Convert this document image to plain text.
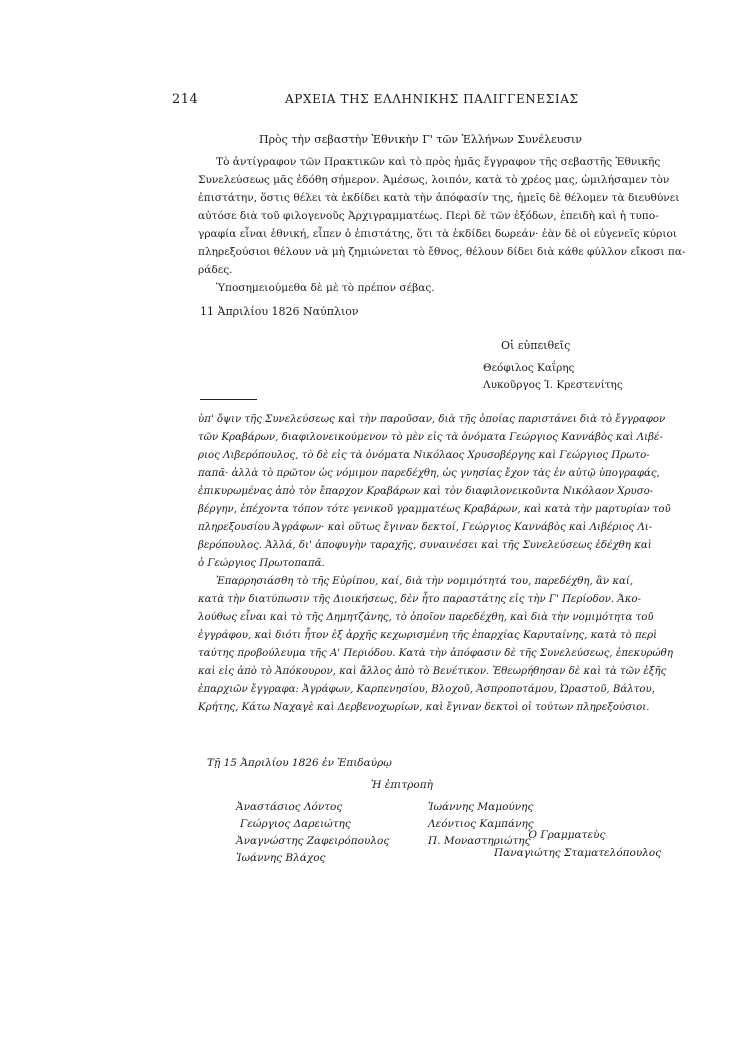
214	ΑΡΧΕΙΑ ΤΗΣ ΕΛΛΗΝΙΚΗΣ ΠΑΛΙΓΓΕΝΕΣΙΑΣ
Πρὸς τὴν σεβαστὴν Ἐθνικὴν Γ' τῶν Ἑλλήνων Συνέλευσιν
Τὸ ἀντίγραφον τῶν Πρακτικῶν καὶ τὸ πρὸς ἡμᾶς ἔγγραφον τῆς σεβαστῆς Ἐθνικῆς
Συνελεύσεως μᾶς ἐδόθη σήμερον. Ἀμέσως, λοιπόν, κατὰ τὸ χρέος μας, ὡμιλήσαμεν τὸν
ἐπιστάτην, ὅστις θέλει τὰ ἐκδίδει κατὰ τὴν ἀπόφασίν της, ἡμεῖς δὲ θέλομεν τὰ διευθύνει
αὐτόσε διὰ τοῦ φιλογενοῦς Ἀρχιγραμματέως. Περὶ δὲ τῶν ἐξόδων, ἐπειδὴ καὶ ἡ τυπο-
γραφία εἶναι ἐθνική, εἶπεν ὁ ἐπιστάτης, ὅτι τὰ ἐκδίδει δωρεάν· ἐὰν δὲ οἱ εὐγενεῖς κύριοι
πληρεξούσιοι θέλουν νὰ μὴ ζημιώνεται τὸ ἔθνος, θέλουν δίδει διὰ κάθε φύλλον εἴκοσι πα-
ράδες.
Ὑποσημειούμεθα δὲ μὲ τὸ πρέπον σέβας.
11 Ἀπριλίου 1826 Ναύπλιον
Οἱ εὐπειθεῖς
Θεόφιλος Καΐρης
Λυκοῦργος Ἰ. Κρεστενίτης
ὑπ' ὄψιν τῆς Συνελεύσεως καὶ τὴν παροῦσαν, διὰ τῆς ὁποίας παριστάνει διὰ τὸ ἔγγραφον
τῶν Κραβάρων, διαφιλονεικούμενον τὸ μὲν εἰς τὰ ὀνόματα Γεώργιος Καννάβὸς καὶ Λιβέ-
ριος Λιβερόπουλος, τὸ δὲ εἰς τὰ ὀνόματα Νικόλαος Χρυσοβέργης καὶ Γεώργιος Πρωτο-
παπᾶ· ἀλλὰ τὸ πρῶτον ὡς νόμιμον παρεδέχθη, ὡς γνησίας ἔχον τὰς ἐν αὐτῷ ὑπογραφάς,
ἐπικυρωμένας ἀπὸ τὸν ἔπαρχον Κραβάρων καὶ τὸν διαφιλονεικοῦντα Νικόλαον Χρυσο-
βέργην, ἐπέχοντα τόπον τότε γενικοῦ γραμματέως Κραβάρων, καὶ κατὰ τὴν μαρτυρίαν τοῦ
πληρεξουσίου Ἀγράφων· καὶ οὕτως ἔγιναν δεκτοί, Γεώργιος Καννάβὸς καὶ Λιβέριος Λι-
βερόπουλος. Ἀλλά, δι' ἀποφυγὴν ταραχῆς, συναινέσει καὶ τῆς Συνελεύσεως ἐδέχθη καὶ
ὁ Γεώργιος Πρωτοπαπᾶ.
Ἐπαρρησιάσθη τὸ τῆς Εὐρίπου, καί, διὰ τὴν νομιμότητά του, παρεδέχθη, ἂν καί,
κατὰ τὴν διατύπωσιν τῆς Διοικήσεως, δὲν ἦτο παραστάτης εἰς τὴν Γ' Περίοδον. Ἀκο-
λούθως εἶναι καὶ τὸ τῆς Δημητζάνης, τὸ ὁποῖον παρεδέχθη, καὶ διὰ τὴν νομιμότητα τοῦ
ἐγγράφου, καὶ διότι ἦτον ἐξ ἀρχῆς κεχωρισμένη τῆς ἐπαρχίας Καρυταίνης, κατὰ τὸ περὶ
ταύτης προβούλευμα τῆς Α' Περιόδου. Κατὰ τὴν ἀπόφασιν δὲ τῆς Συνελεύσεως, ἐπεκυρώθη
καὶ εἰς ἀπὸ τὸ Ἀπόκουρον, καὶ ἄλλος ἀπὸ τὸ Βενέτικον. Ἐθεωρήθησαν δὲ καὶ τὰ τῶν ἑξῆς
ἐπαρχιῶν ἔγγραφα: Ἀγράφων, Καρπενησίου, Βλοχοῦ, Ἀσπροποτάμου, Ὠραστοῦ, Βάλτου,
Κρήτης, Κάτω Ναχαγὲ καὶ Δερβενοχωρίων, καὶ ἔγιναν δεκτοὶ οἱ τούτων πληρεξούσιοι.
Τῇ 15 Ἀπριλίου 1826 ἐν Ἐπιδαύρῳ
Ἡ ἐπιτροπὴ
Ἀναστάσιος Λόντος
Γεώργιος Δαρειώτης
Ἀναγνώστης Ζαφειρόπουλος
Ἰωάννης Βλάχος
Ἰωάννης Μαμούνης
Λεόντιος Καμπάνης
Π. Μοναστηριώτης
Ὁ Γραμματεὺς
Παναγιώτης Σταματελόπουλος
